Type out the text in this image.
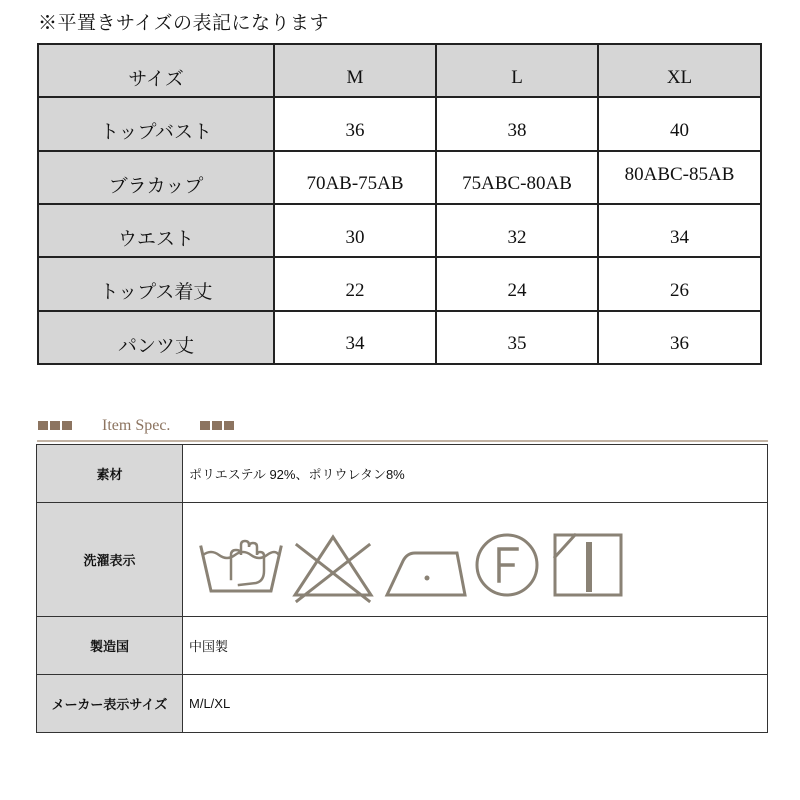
※平置きサイズの表記になります
サイズ	M	L	XL
トップバスト	36	38	40
ブラカップ	70AB-75AB	75ABC-80AB	80ABC-85AB
ウエスト	30	32	34
トップス着丈	22	24	26
パンツ丈	34	35	36
Item Spec.
素材	ポリエステル 92%、ポリウレタン8%
洗濯表示	

製造国	中国製
メーカー表示サイズ	M/L/XL
